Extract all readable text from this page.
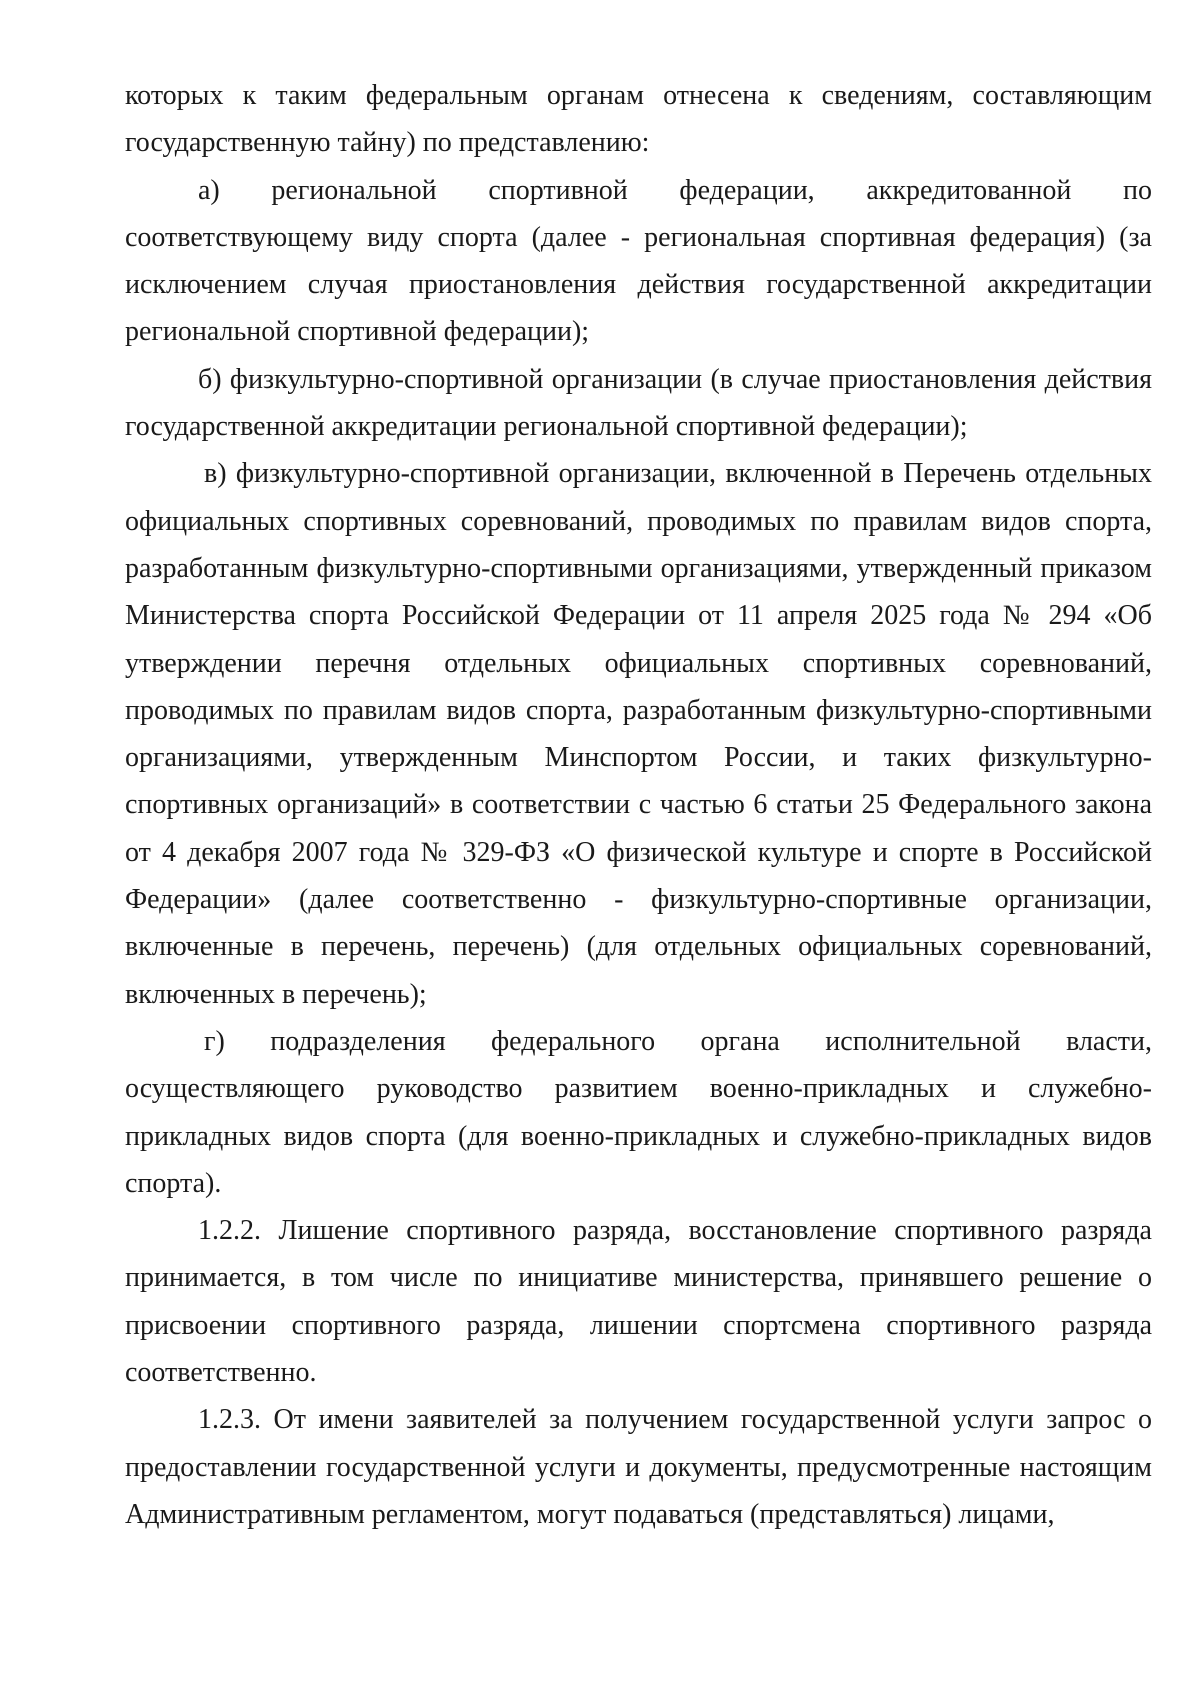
которых к таким федеральным органам отнесена к сведениям, составляющим государственную тайну) по представлению:

а) региональной спортивной федерации, аккредитованной по соответствующему виду спорта (далее - региональная спортивная федерация) (за исключением случая приостановления действия государственной аккредитации региональной спортивной федерации);

б) физкультурно-спортивной организации (в случае приостановления действия государственной аккредитации региональной спортивной федерации);

в) физкультурно-спортивной организации, включенной в Перечень отдельных официальных спортивных соревнований, проводимых по правилам видов спорта, разработанным физкультурно-спортивными организациями, утвержденный приказом Министерства спорта Российской Федерации от 11 апреля 2025 года № 294 «Об утверждении перечня отдельных официальных спортивных соревнований, проводимых по правилам видов спорта, разработанным физкультурно-спортивными организациями, утвержденным Минспортом России, и таких физкультурно-спортивных организаций» в соответствии с частью 6 статьи 25 Федерального закона от 4 декабря 2007 года № 329-ФЗ «О физической культуре и спорте в Российской Федерации» (далее соответственно - физкультурно-спортивные организации, включенные в перечень, перечень) (для отдельных официальных соревнований, включенных в перечень);

г) подразделения федерального органа исполнительной власти, осуществляющего руководство развитием военно-прикладных и служебно-прикладных видов спорта (для военно-прикладных и служебно-прикладных видов спорта).

1.2.2. Лишение спортивного разряда, восстановление спортивного разряда принимается, в том числе по инициативе министерства, принявшего решение о присвоении спортивного разряда, лишении спортсмена спортивного разряда соответственно.

1.2.3. От имени заявителей за получением государственной услуги запрос о предоставлении государственной услуги и документы, предусмотренные настоящим Административным регламентом, могут подаваться (представляться) лицами,
